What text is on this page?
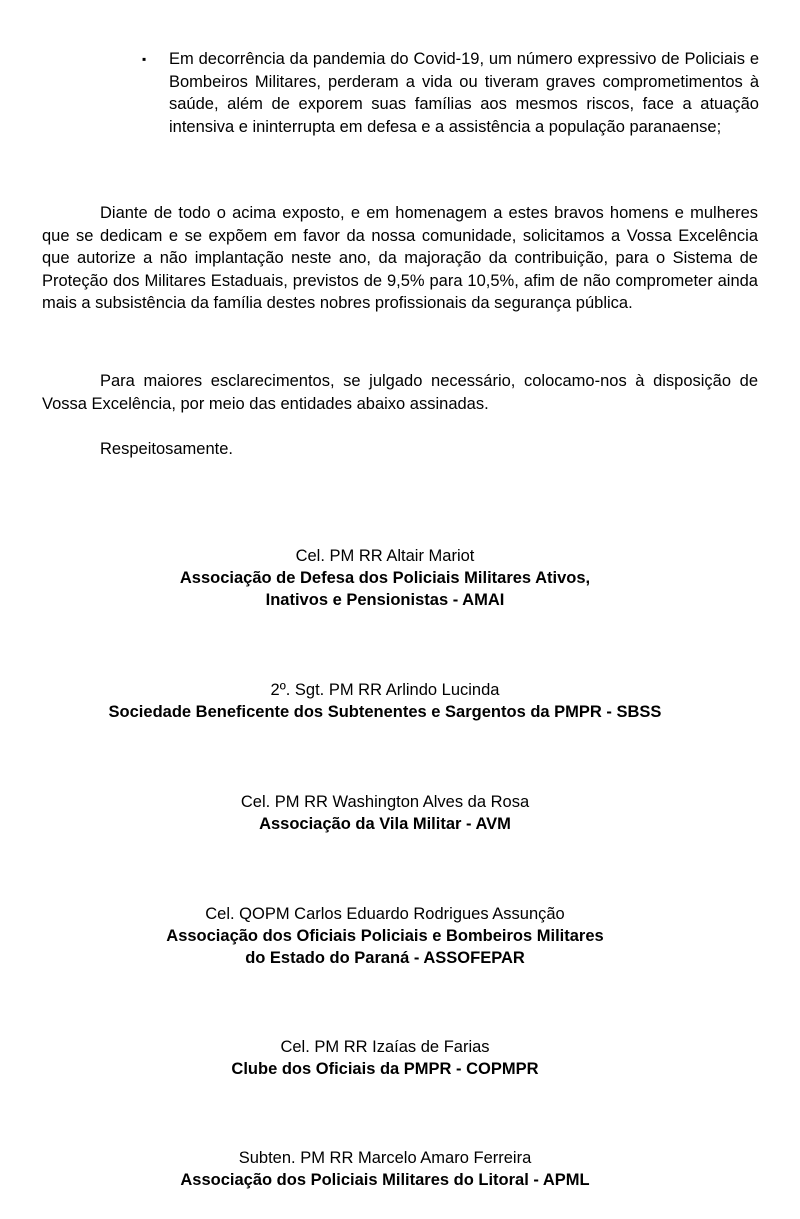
▪ Em decorrência da pandemia do Covid-19, um número expressivo de Policiais e Bombeiros Militares, perderam a vida ou tiveram graves comprometimentos à saúde, além de exporem suas famílias aos mesmos riscos, face a atuação intensiva e ininterrupta em defesa e a assistência a população paranaense;

Diante de todo o acima exposto, e em homenagem a estes bravos homens e mulheres que se dedicam e se expõem em favor da nossa comunidade, solicitamos a Vossa Excelência que autorize a não implantação neste ano, da majoração da contribuição, para o Sistema de Proteção dos Militares Estaduais, previstos de 9,5% para 10,5%, afim de não comprometer ainda mais a subsistência da família destes nobres profissionais da segurança pública.

Para maiores esclarecimentos, se julgado necessário, colocamo-nos à disposição de Vossa Excelência, por meio das entidades abaixo assinadas.

Respeitosamente.

Cel. PM RR Altair Mariot
Associação de Defesa dos Policiais Militares Ativos,
Inativos e Pensionistas - AMAI
2º. Sgt. PM RR Arlindo Lucinda
Sociedade Beneficente dos Subtenentes e Sargentos da PMPR - SBSS
Cel. PM RR Washington Alves da Rosa
Associação da Vila Militar - AVM
Cel. QOPM Carlos Eduardo Rodrigues Assunção
Associação dos Oficiais Policiais e Bombeiros Militares
do Estado do Paraná - ASSOFEPAR
Cel. PM RR Izaías de Farias
Clube dos Oficiais da PMPR - COPMPR
Subten. PM RR Marcelo Amaro Ferreira
Associação dos Policiais Militares do Litoral - APML
